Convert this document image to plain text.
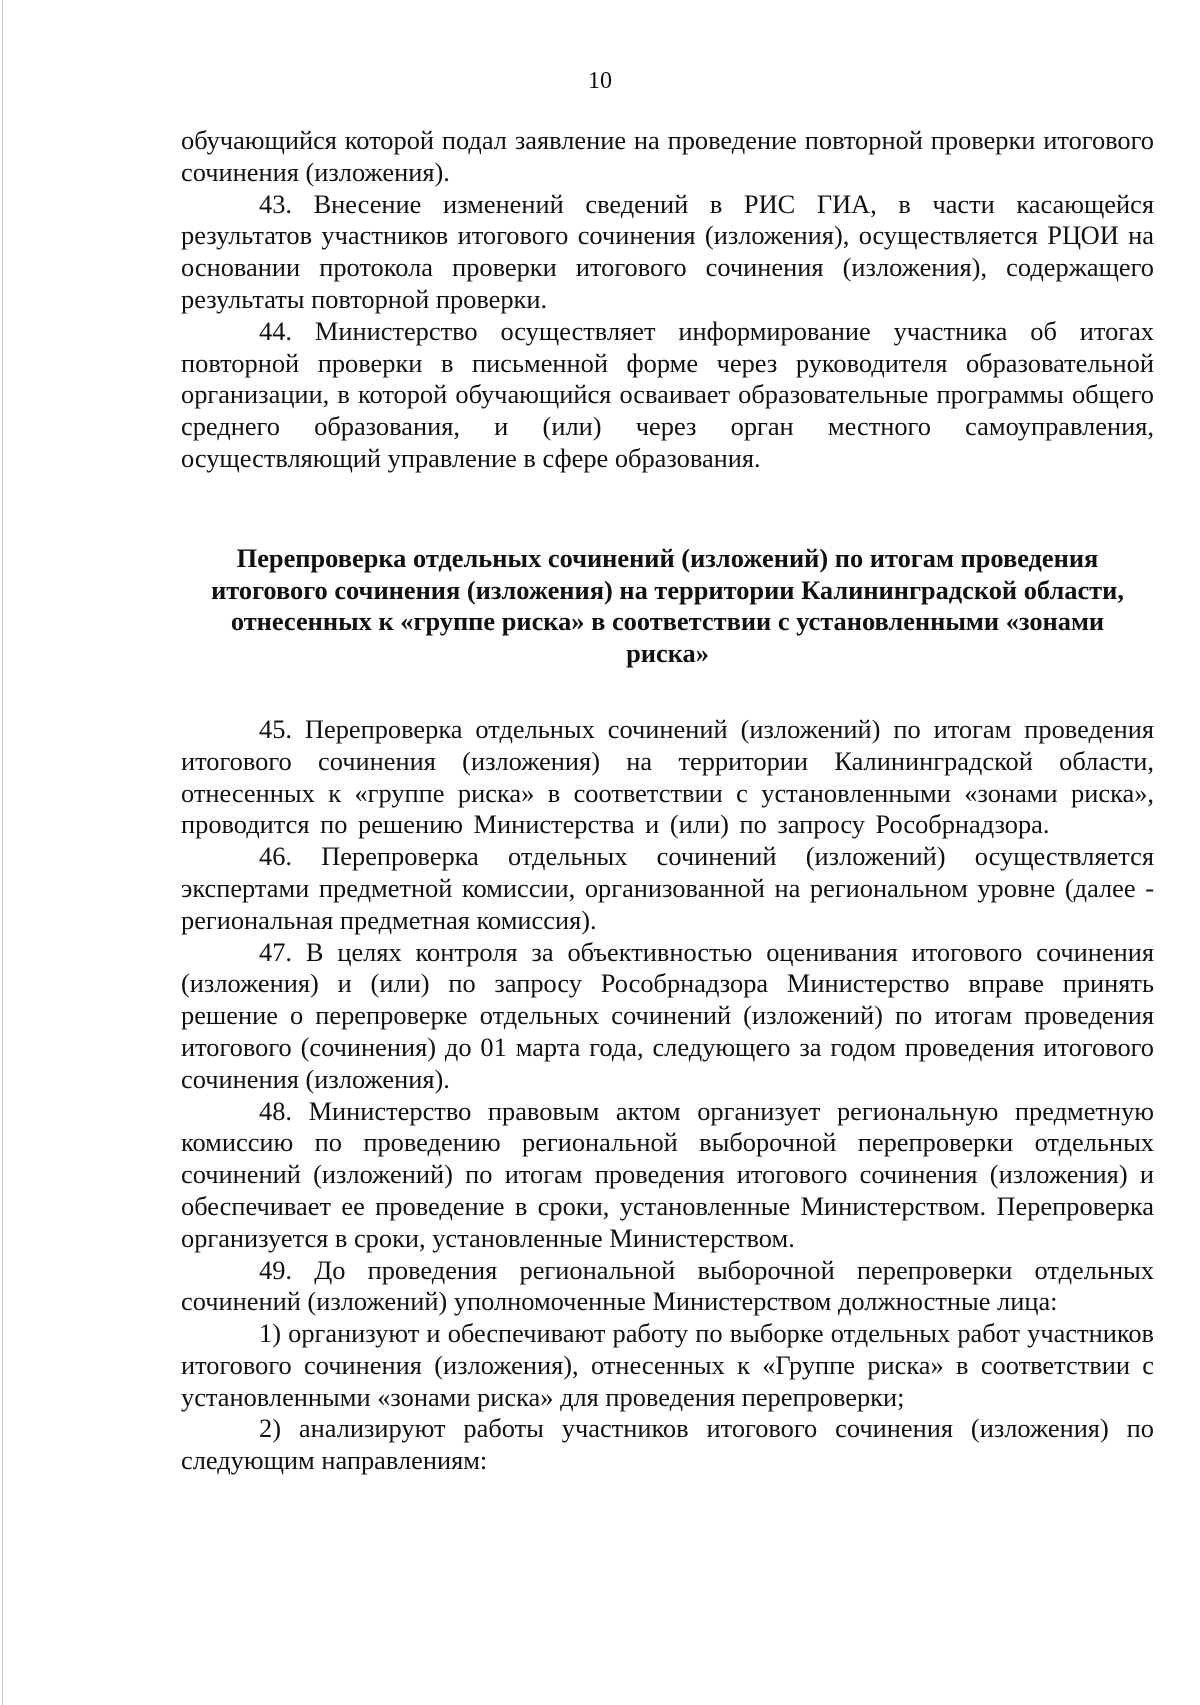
10

обучающийся которой подал заявление на проведение повторной проверки итогового сочинения (изложения).

43. Внесение изменений сведений в РИС ГИА, в части касающейся результатов участников итогового сочинения (изложения), осуществляется РЦОИ на основании протокола проверки итогового сочинения (изложения), содержащего результаты повторной проверки.

44. Министерство осуществляет информирование участника об итогах повторной проверки в письменной форме через руководителя образовательной организации, в которой обучающийся осваивает образовательные программы общего среднего образования, и (или) через орган местного самоуправления, осуществляющий управление в сфере образования.

Перепроверка отдельных сочинений (изложений) по итогам проведения итогового сочинения (изложения) на территории Калининградской области, отнесенных к «группе риска» в соответствии с установленными «зонами риска»

45. Перепроверка отдельных сочинений (изложений) по итогам проведения итогового сочинения (изложения) на территории Калининградской области, отнесенных к «группе риска» в соответствии с установленными «зонами риска», проводится по решению Министерства и (или) по запросу Рособрнадзора.

46. Перепроверка отдельных сочинений (изложений) осуществляется экспертами предметной комиссии, организованной на региональном уровне (далее - региональная предметная комиссия).

47. В целях контроля за объективностью оценивания итогового сочинения (изложения) и (или) по запросу Рособрнадзора Министерство вправе принять решение о перепроверке отдельных сочинений (изложений) по итогам проведения итогового (сочинения) до 01 марта года, следующего за годом проведения итогового сочинения (изложения).

48. Министерство правовым актом организует региональную предметную комиссию по проведению региональной выборочной перепроверки отдельных сочинений (изложений) по итогам проведения итогового сочинения (изложения) и обеспечивает ее проведение в сроки, установленные Министерством. Перепроверка организуется в сроки, установленные Министерством.

49. До проведения региональной выборочной перепроверки отдельных сочинений (изложений) уполномоченные Министерством должностные лица:

1) организуют и обеспечивают работу по выборке отдельных работ участников итогового сочинения (изложения), отнесенных к «Группе риска» в соответствии с установленными «зонами риска» для проведения перепроверки;

2) анализируют работы участников итогового сочинения (изложения) по следующим направлениям:
